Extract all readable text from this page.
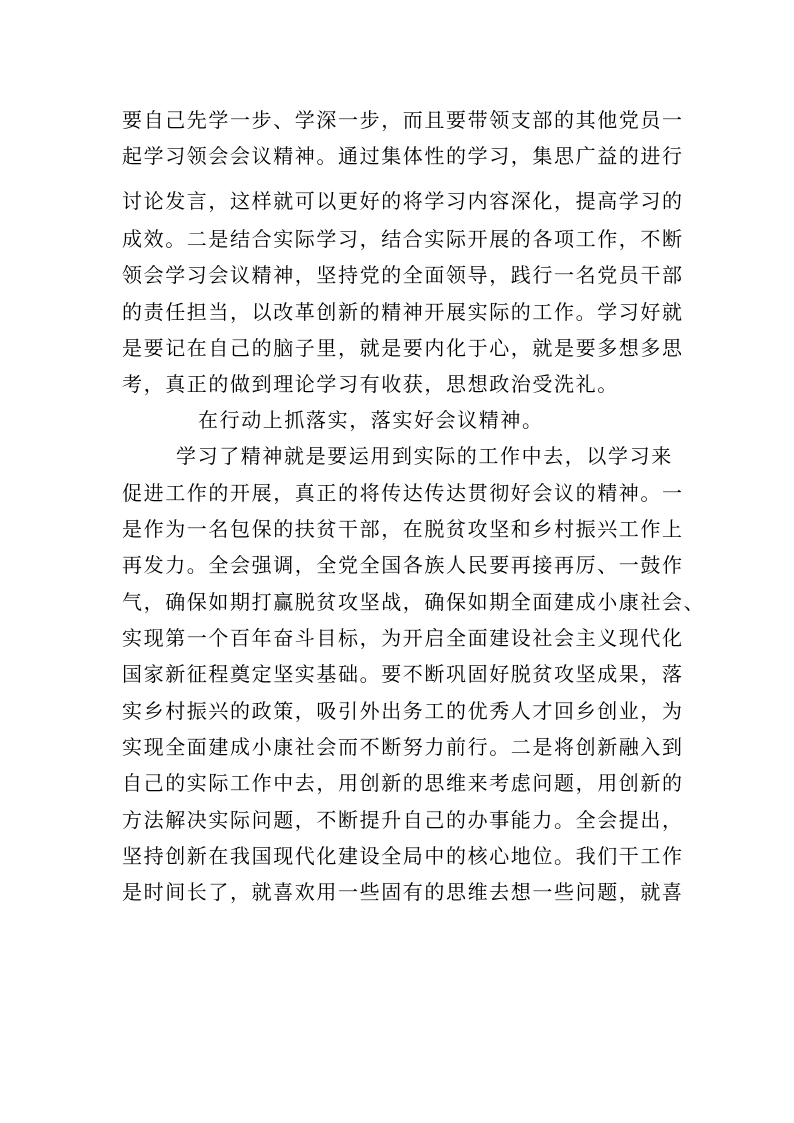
要自己先学一步、学深一步，而且要带领支部的其他党员一
起学习领会会议精神。通过集体性的学习，集思广益的进行
讨论发言，这样就可以更好的将学习内容深化，提高学习的
成效。二是结合实际学习，结合实际开展的各项工作，不断
领会学习会议精神，坚持党的全面领导，践行一名党员干部
的责任担当，以改革创新的精神开展实际的工作。学习好就
是要记在自己的脑子里，就是要内化于心，就是要多想多思
考，真正的做到理论学习有收获，思想政治受洗礼。
在行动上抓落实，落实好会议精神。
学习了精神就是要运用到实际的工作中去，以学习来
促进工作的开展，真正的将传达传达贯彻好会议的精神。一
是作为一名包保的扶贫干部，在脱贫攻坚和乡村振兴工作上
再发力。全会强调，全党全国各族人民要再接再厉、一鼓作
气，确保如期打赢脱贫攻坚战，确保如期全面建成小康社会、
实现第一个百年奋斗目标，为开启全面建设社会主义现代化
国家新征程奠定坚实基础。要不断巩固好脱贫攻坚成果，落
实乡村振兴的政策，吸引外出务工的优秀人才回乡创业，为
实现全面建成小康社会而不断努力前行。二是将创新融入到
自己的实际工作中去，用创新的思维来考虑问题，用创新的
方法解决实际问题，不断提升自己的办事能力。全会提出，
坚持创新在我国现代化建设全局中的核心地位。我们干工作
是时间长了，就喜欢用一些固有的思维去想一些问题，就喜
